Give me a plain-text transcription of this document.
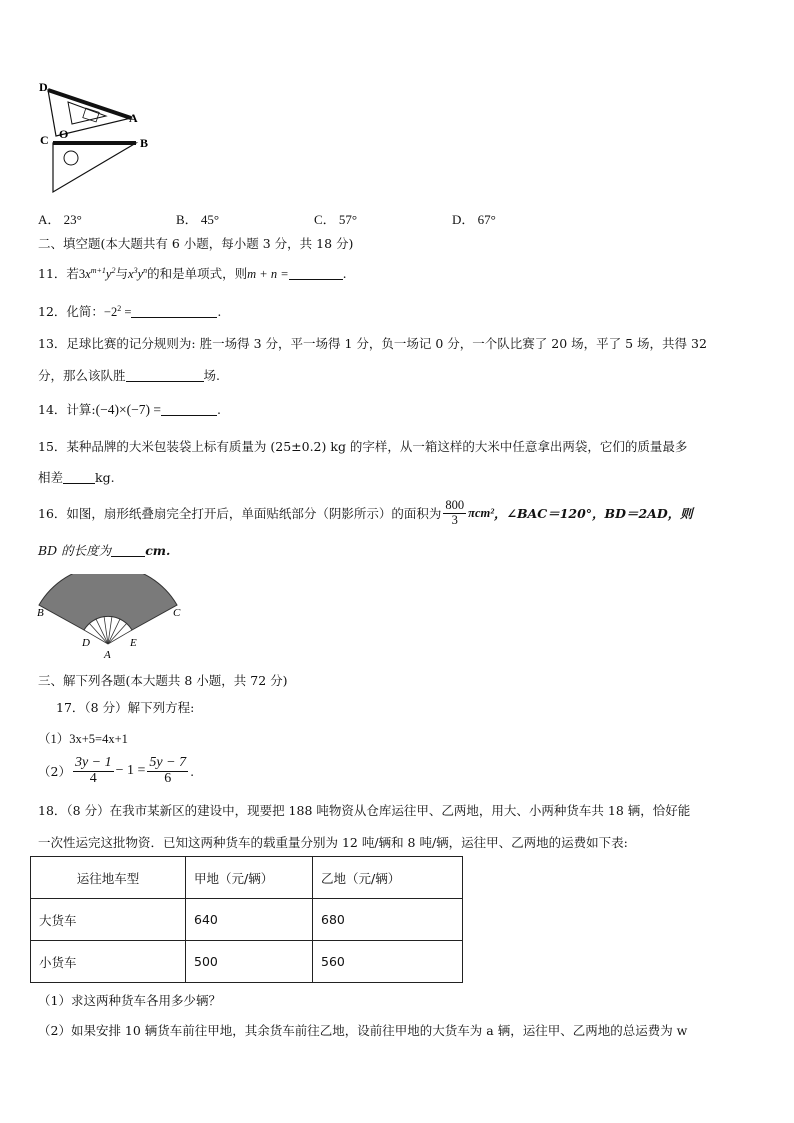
D
A
C O
B
A． 23°	B． 45°	C． 57°	D． 67°
二、填空题(本大题共有 6 小题，每小题 3 分，共 18 分)
11．若$3x^{m+1}y^2$与$x^3y^n$的和是单项式，则m + n =	.
12．化简：$-2^2$ =	.
13．足球比赛的记分规则为: 胜一场得 3 分，平一场得 1 分，负一场记 0 分，一个队比赛了 20 场，平了 5 场，共得 32
分，那么该队胜	场.
14．计算:(−4)×(−7) =	.
15．某种品牌的大米包装袋上标有质量为 (25±0.2) kg 的字样，从一箱这样的大米中任意拿出两袋，它们的质量最多
相差	kg.
16．如图，扇形纸叠扇完全打开后，单面贴纸部分（阴影所示）的面积为 $\frac{800}{3} \pi cm^2$ ，∠BAC＝120°，BD＝2AD，则
BD 的长度为	cm.
B	C
D	E
A
三、解下列各题(本大题共 8 小题，共 72 分)
17．（8 分）解下列方程:
（1）3x+5=4x+1
$(2) \frac{3y - 1}{4} - 1 = \frac{5y - 7}{6}$ .
18．（8 分）在我市某新区的建设中，现要把 188 吨物资从仓库运往甲、乙两地，用大、小两种货车共 18 辆，恰好能
一次性运完这批物资．已知这两种货车的载重量分别为 12 吨/辆和 8 吨/辆，运往甲、乙两地的运费如下表:
运往地车型	甲地（元/辆）	乙地（元/辆）
大货车	640	680
小货车	500	560
（1）求这两种货车各用多少辆？
（2）如果安排 10 辆货车前往甲地，其余货车前往乙地，设前往甲地的大货车为 a 辆，运往甲、乙两地的总运费为 w
